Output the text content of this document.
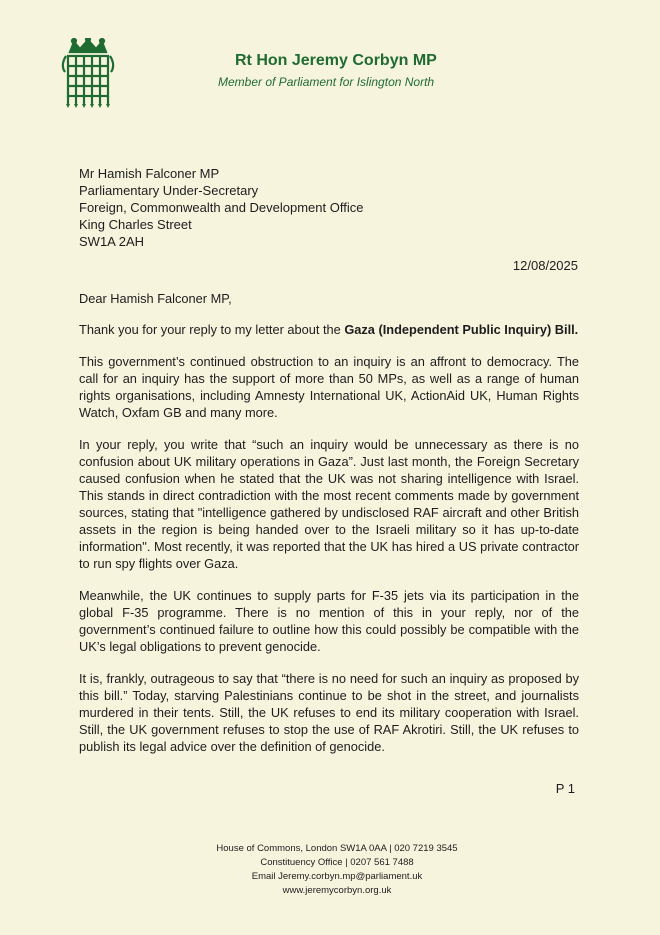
Rt Hon Jeremy Corbyn MP
Member of Parliament for Islington North
Mr Hamish Falconer MP
Parliamentary Under-Secretary
Foreign, Commonwealth and Development Office
King Charles Street
SW1A 2AH
12/08/2025

Dear Hamish Falconer MP,

Thank you for your reply to my letter about the Gaza (Independent Public Inquiry) Bill.

This government’s continued obstruction to an inquiry is an affront to democracy. The call for an inquiry has the support of more than 50 MPs, as well as a range of human rights organisations, including Amnesty International UK, ActionAid UK, Human Rights Watch, Oxfam GB and many more.

In your reply, you write that “such an inquiry would be unnecessary as there is no confusion about UK military operations in Gaza”. Just last month, the Foreign Secretary caused confusion when he stated that the UK was not sharing intelligence with Israel. This stands in direct contradiction with the most recent comments made by government sources, stating that "intelligence gathered by undisclosed RAF aircraft and other British assets in the region is being handed over to the Israeli military so it has up-to-date information". Most recently, it was reported that the UK has hired a US private contractor to run spy flights over Gaza.

Meanwhile, the UK continues to supply parts for F-35 jets via its participation in the global F-35 programme. There is no mention of this in your reply, nor of the government’s continued failure to outline how this could possibly be compatible with the UK’s legal obligations to prevent genocide.

It is, frankly, outrageous to say that “there is no need for such an inquiry as proposed by this bill.” Today, starving Palestinians continue to be shot in the street, and journalists murdered in their tents. Still, the UK refuses to end its military cooperation with Israel. Still, the UK government refuses to stop the use of RAF Akrotiri. Still, the UK refuses to publish its legal advice over the definition of genocide.

P 1
House of Commons, London SW1A 0AA | 020 7219 3545
Constituency Office | 0207 561 7488
Email Jeremy.corbyn.mp@parliament.uk
www.jeremycorbyn.org.uk
